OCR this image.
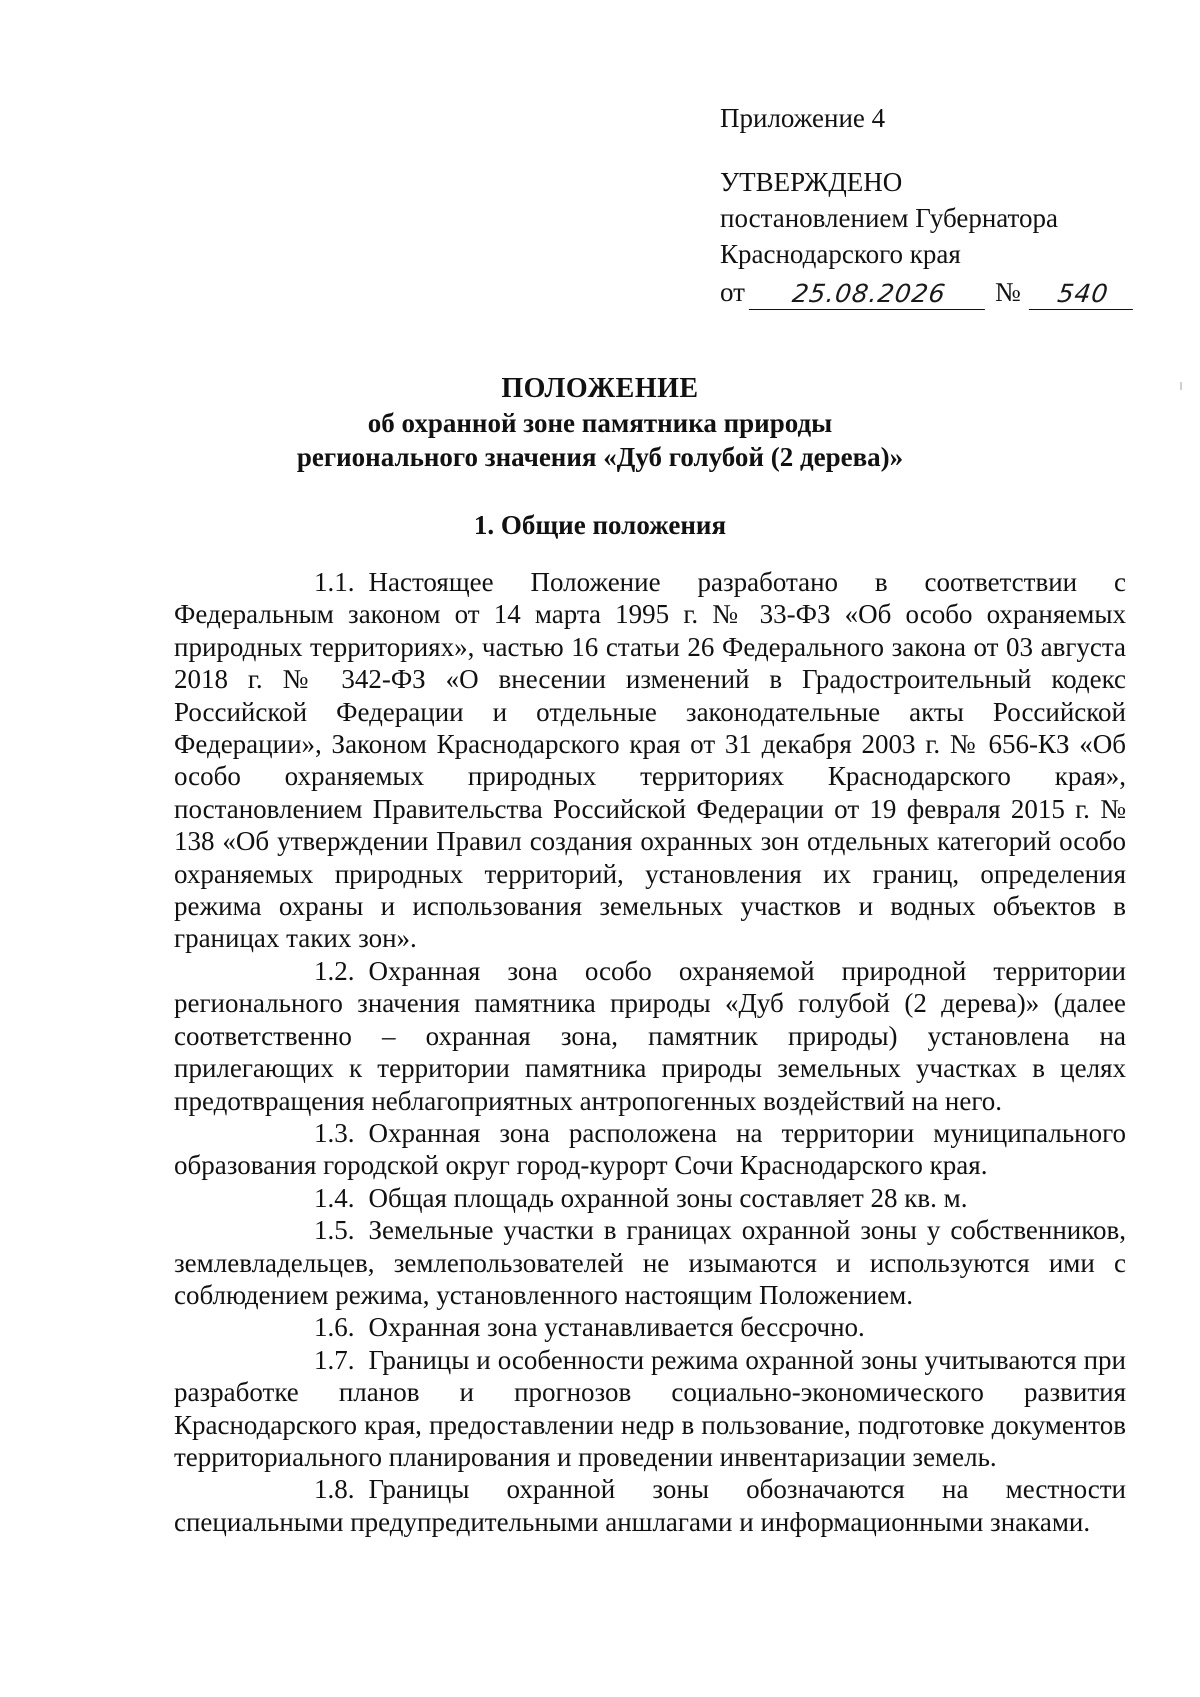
Приложение 4
УТВЕРЖДЕНО
постановлением Губернатора
Краснодарского края
от	25.08.2026	№	540
ПОЛОЖЕНИЕ
об охранной зоне памятника природы
регионального значения «Дуб голубой (2 дерева)»
1. Общие положения

1.1. Настоящее Положение разработано в соответствии с Федеральным законом от 14 марта 1995 г. № 33-ФЗ «Об особо охраняемых природных территориях», частью 16 статьи 26 Федерального закона от 03 августа 2018 г. № 342-ФЗ «О внесении изменений в Градостроительный кодекс Российской Федерации и отдельные законодательные акты Российской Федерации», Законом Краснодарского края от 31 декабря 2003 г. № 656-КЗ «Об особо охраняемых природных территориях Краснодарского края», постановлением Правительства Российской Федерации от 19 февраля 2015 г. № 138 «Об утверждении Правил создания охранных зон отдельных категорий особо охраняемых природных территорий, установления их границ, определения режима охраны и использования земельных участков и водных объектов в границах таких зон».

1.2. Охранная зона особо охраняемой природной территории регионального значения памятника природы «Дуб голубой (2 дерева)» (далее соответственно – охранная зона, памятник природы) установлена на прилегающих к территории памятника природы земельных участках в целях предотвращения неблагоприятных антропогенных воздействий на него.

1.3. Охранная зона расположена на территории муниципального образования городской округ город-курорт Сочи Краснодарского края.

1.4. Общая площадь охранной зоны составляет 28 кв. м.

1.5. Земельные участки в границах охранной зоны у собственников, землевладельцев, землепользователей не изымаются и используются ими с соблюдением режима, установленного настоящим Положением.

1.6. Охранная зона устанавливается бессрочно.

1.7. Границы и особенности режима охранной зоны учитываются при разработке планов и прогнозов социально-экономического развития Краснодарского края, предоставлении недр в пользование, подготовке документов территориального планирования и проведении инвентаризации земель.

1.8. Границы охранной зоны обозначаются на местности специальными предупредительными аншлагами и информационными знаками.
